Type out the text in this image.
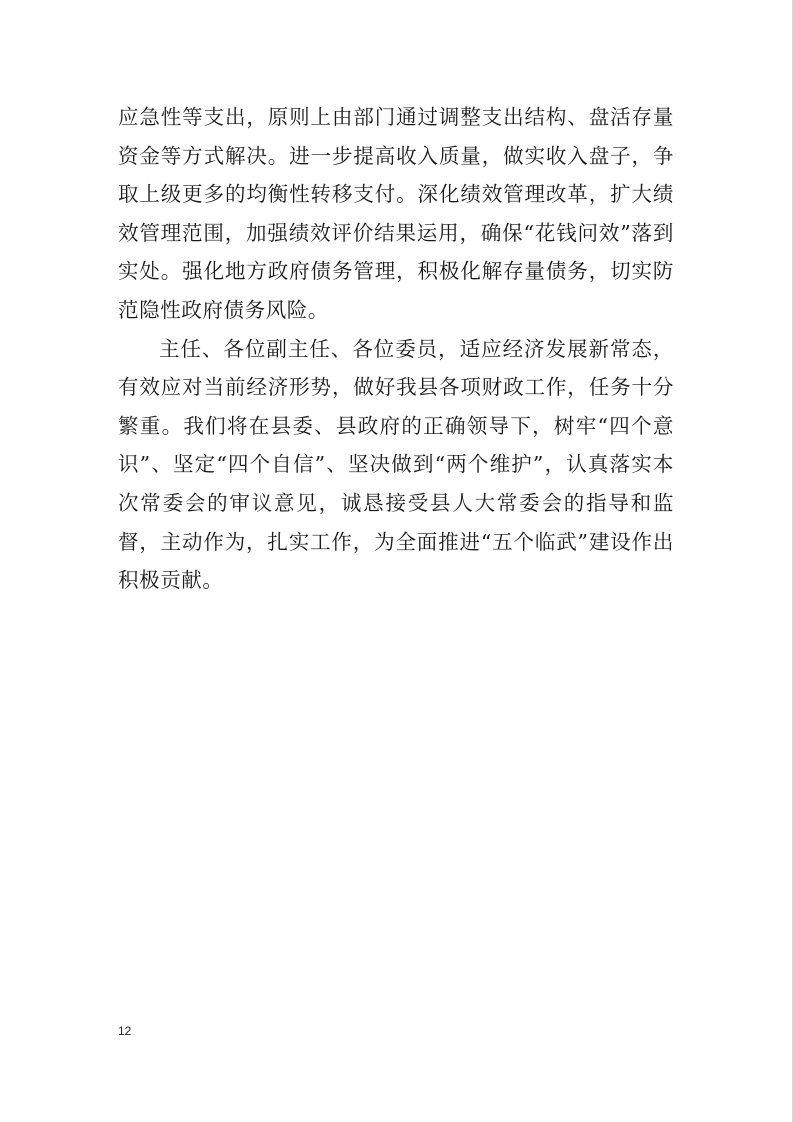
应急性等支出，原则上由部门通过调整支出结构、盘活存量资金等方式解决。进一步提高收入质量，做实收入盘子，争取上级更多的均衡性转移支付。深化绩效管理改革，扩大绩效管理范围，加强绩效评价结果运用，确保“花钱问效”落到实处。强化地方政府债务管理，积极化解存量债务，切实防范隐性政府债务风险。

主任、各位副主任、各位委员，适应经济发展新常态，有效应对当前经济形势，做好我县各项财政工作，任务十分繁重。我们将在县委、县政府的正确领导下，树牢“四个意识”、坚定“四个自信”、坚决做到“两个维护”，认真落实本次常委会的审议意见，诚恳接受县人大常委会的指导和监督，主动作为，扎实工作，为全面推进“五个临武”建设作出积极贡献。

12
